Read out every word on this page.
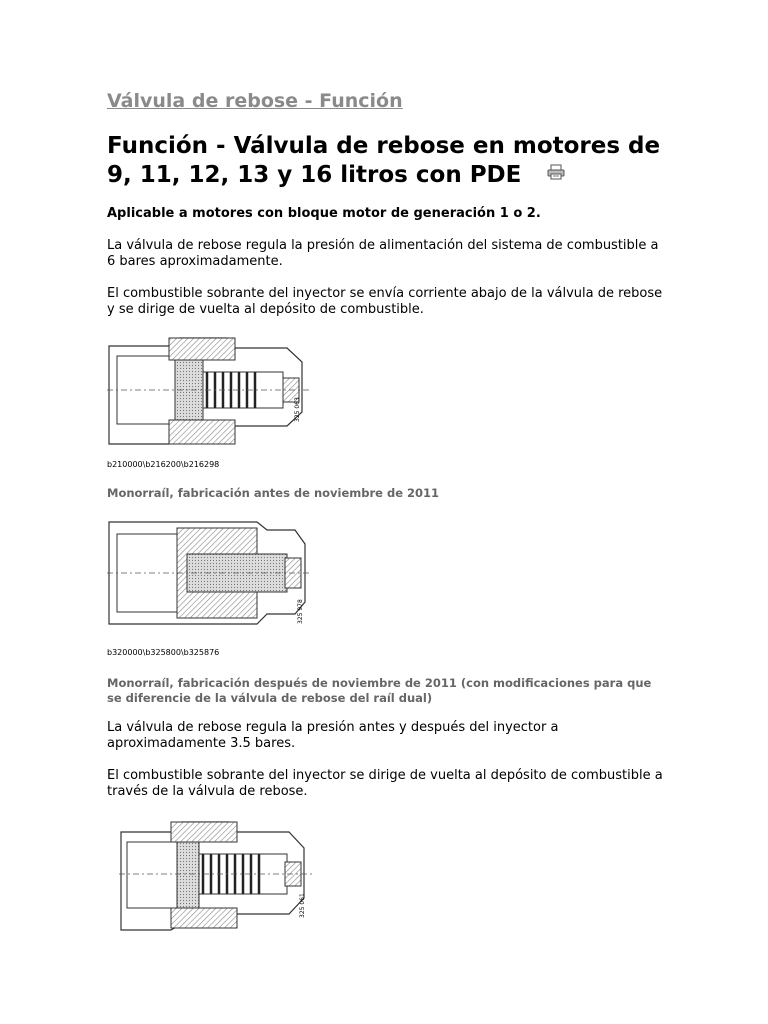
Válvula de rebose - Función
Función - Válvula de rebose en motores de 9, 11, 12, 13 y 16 litros con PDE

Aplicable a motores con bloque motor de generación 1 o 2.

La válvula de rebose regula la presión de alimentación del sistema de combustible a 6 bares aproximadamente.

El combustible sobrante del inyector se envía corriente abajo de la válvula de rebose y se dirige de vuelta al depósito de combustible.

325 063
b210000\b216200\b216298
Monorraíl, fabricación antes de noviembre de 2011
325 978
b320000\b325800\b325876
Monorraíl, fabricación después de noviembre de 2011 (con modificaciones para que se diferencie de la válvula de rebose del raíl dual)

La válvula de rebose regula la presión antes y después del inyector a aproximadamente 3.5 bares.

El combustible sobrante del inyector se dirige de vuelta al depósito de combustible a través de la válvula de rebose.

325 061
